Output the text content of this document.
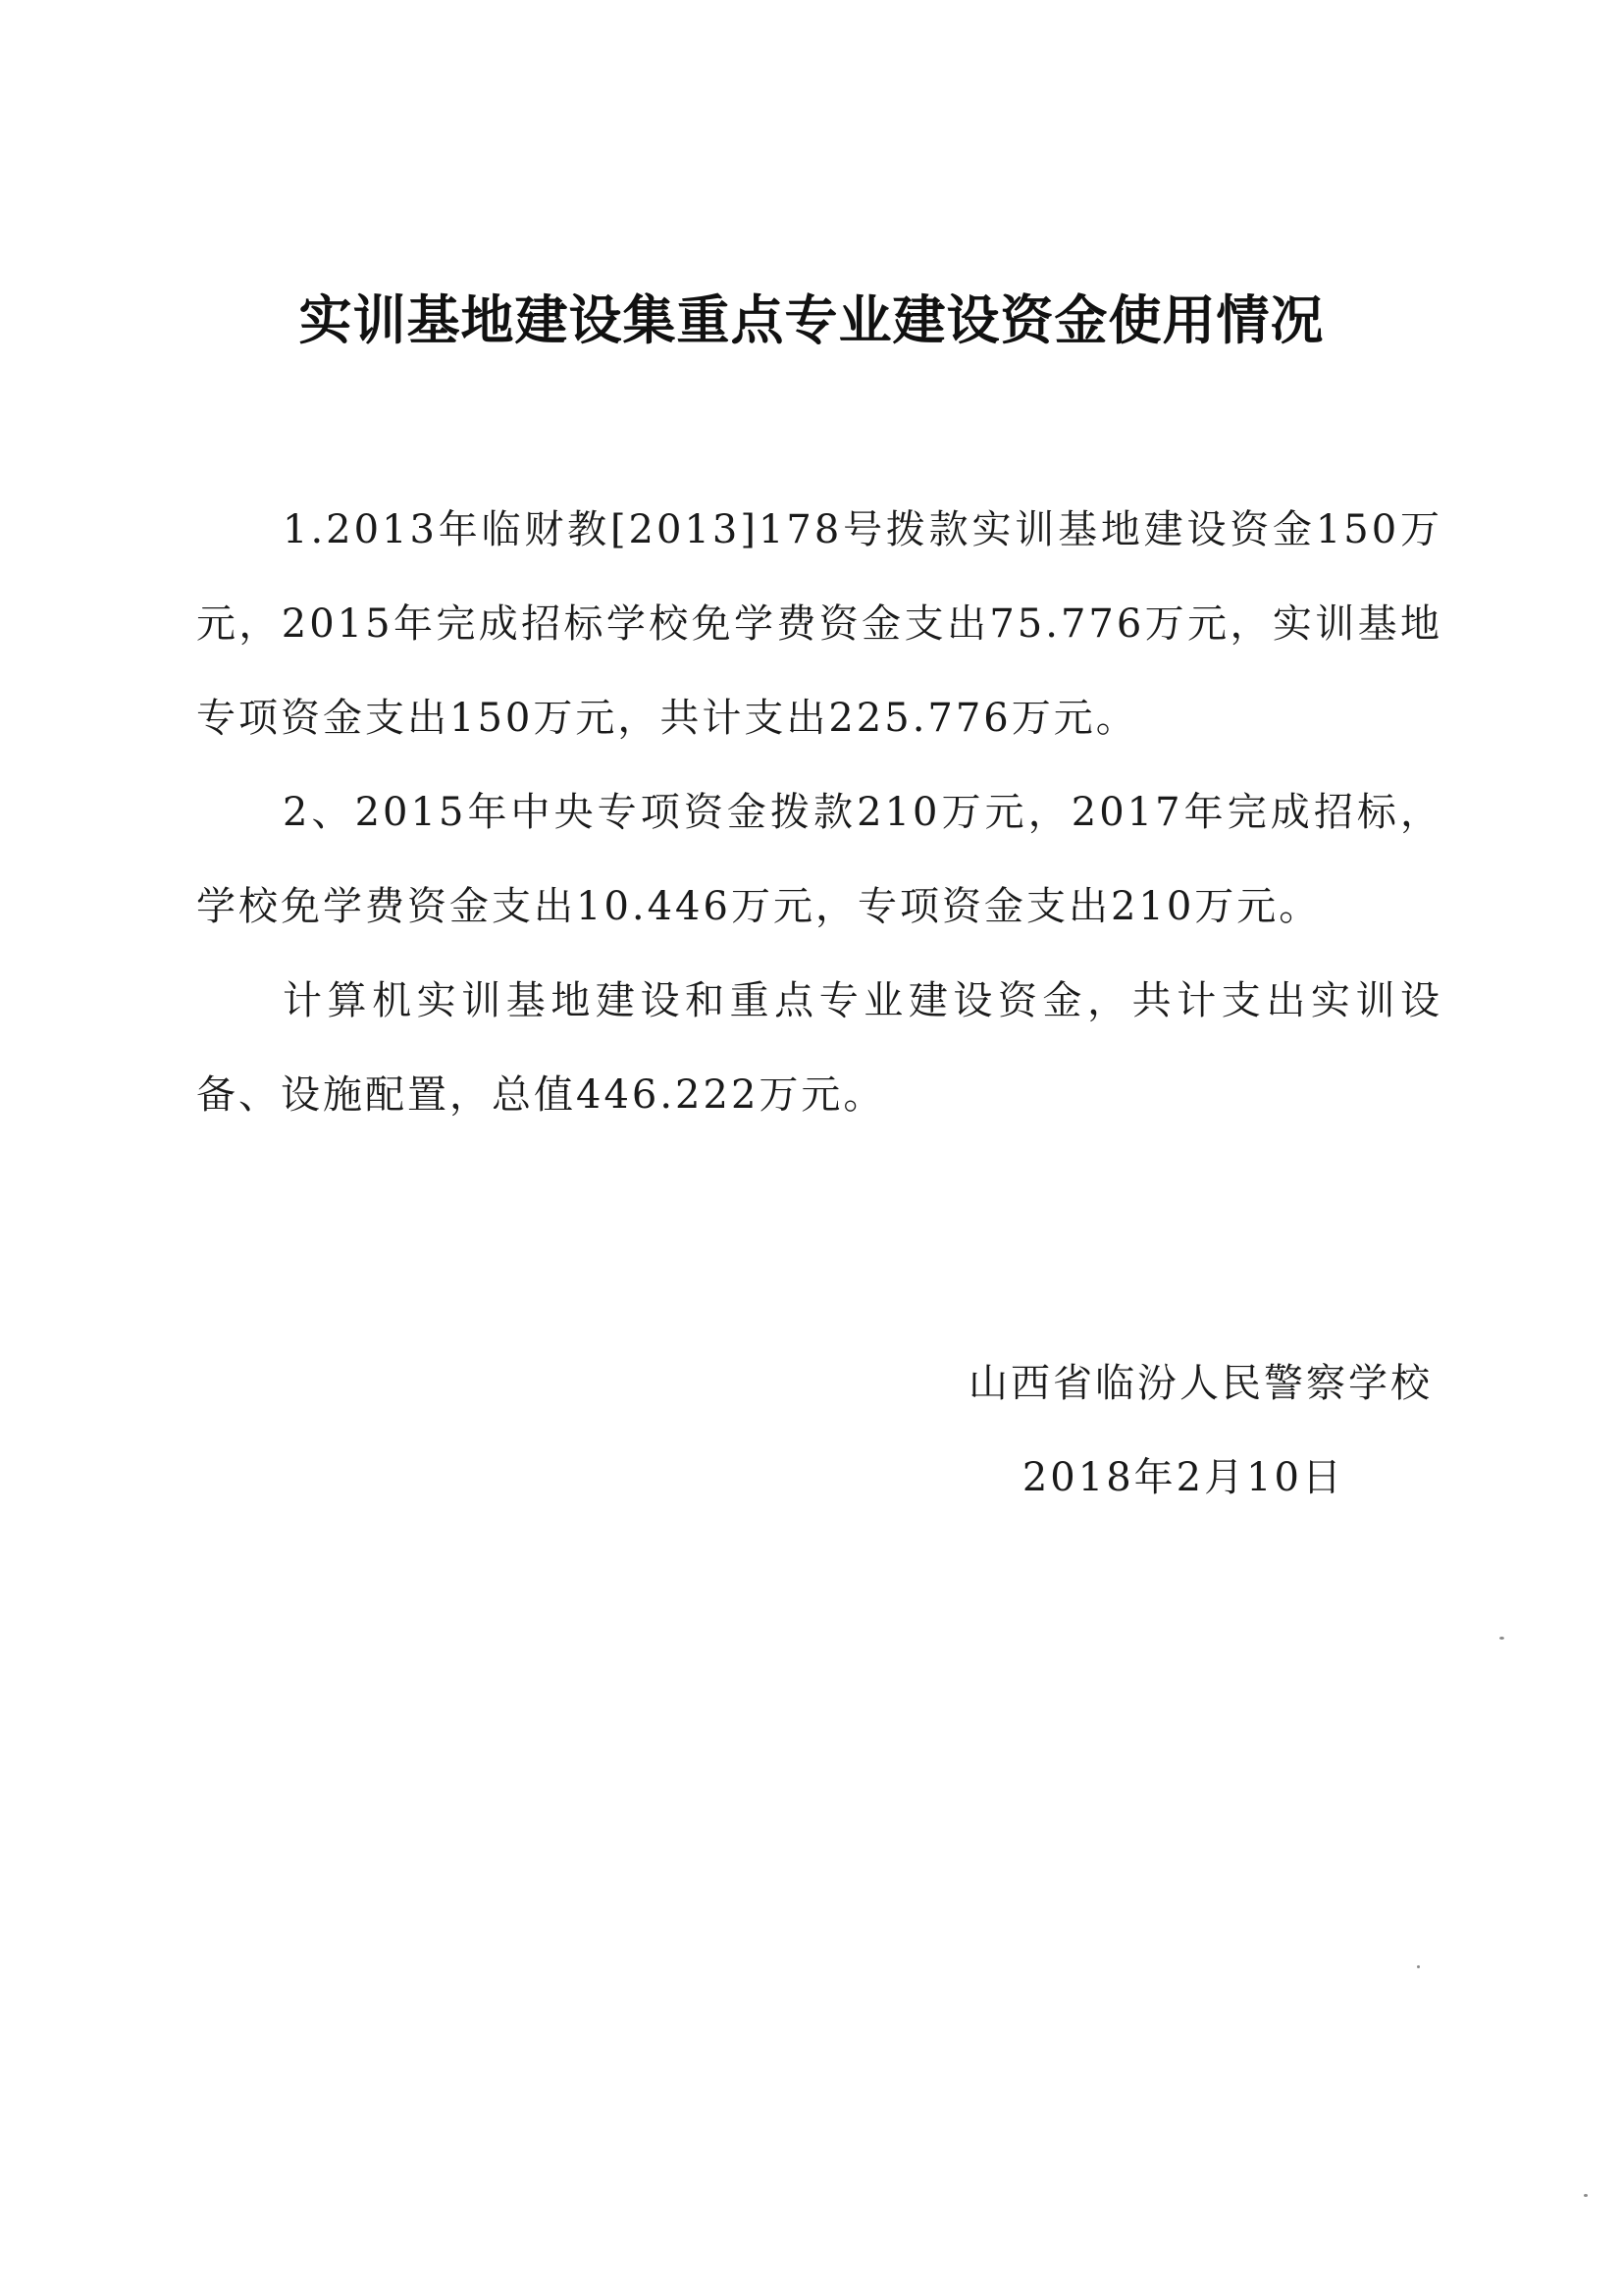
实训基地建设集重点专业建设资金使用情况

1.2013年临财教[2013]178号拨款实训基地建设资金150万元，2015年完成招标学校免学费资金支出75.776万元，实训基地专项资金支出150万元，共计支出225.776万元。

2、2015年中央专项资金拨款210万元，2017年完成招标，学校免学费资金支出10.446万元，专项资金支出210万元。

计算机实训基地建设和重点专业建设资金，共计支出实训设备、设施配置，总值446.222万元。

山西省临汾人民警察学校
2018年2月10日
